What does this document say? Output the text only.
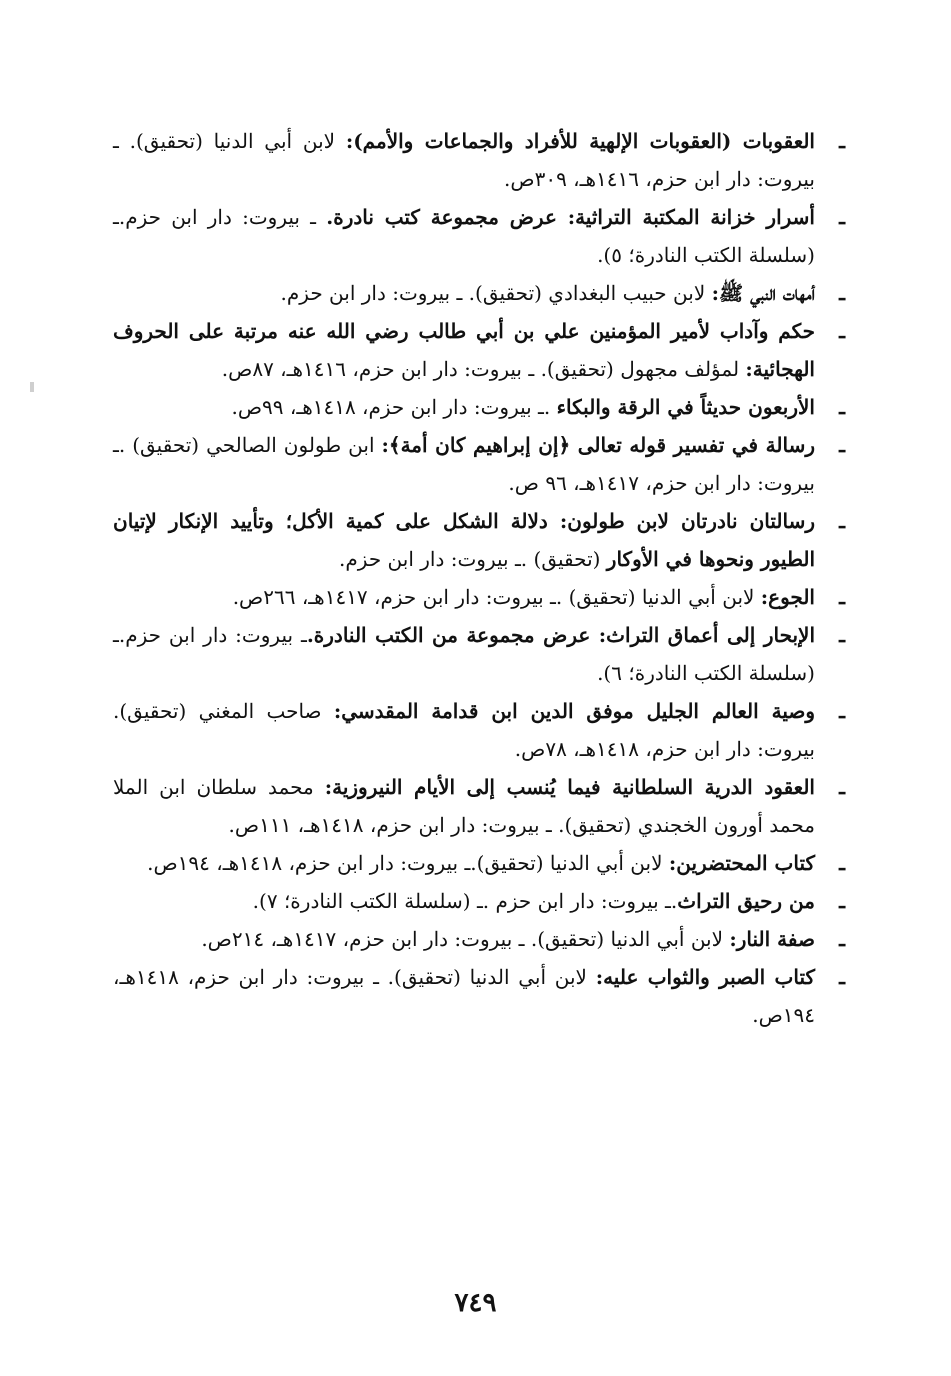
ـ
العقوبات (العقوبات الإلهية للأفراد والجماعات والأمم): لابن أبي الدنيا (تحقيق). ـ بيروت: دار ابن حزم، ١٤١٦هـ، ٣٠٩ص.
ـ
أسرار خزانة المكتبة التراثية: عرض مجموعة كتب نادرة. ـ بيروت: دار ابن حزم.ـ (سلسلة الكتب النادرة؛ ٥).
ـ
أمهات النبي ﷺ: لابن حبيب البغدادي (تحقيق). ـ بيروت: دار ابن حزم.
ـ
حكم وآداب لأمير المؤمنين علي بن أبي طالب رضي الله عنه مرتبة على الحروف الهجائية: لمؤلف مجهول (تحقيق). ـ بيروت: دار ابن حزم، ١٤١٦هـ، ٨٧ص.
ـ
الأربعون حديثاً في الرقة والبكاء .ـ بيروت: دار ابن حزم، ١٤١٨هـ، ٩٩ص.
ـ
رسالة في تفسير قوله تعالى ﴿إن إبراهيم كان أمة﴾: ابن طولون الصالحي (تحقيق) .ـ بيروت: دار ابن حزم، ١٤١٧هـ، ٩٦ ص.
ـ
رسالتان نادرتان لابن طولون: دلالة الشكل على كمية الأكل؛ وتأييد الإنكار لإتيان الطيور ونحوها في الأوكار (تحقيق) .ـ بيروت: دار ابن حزم.
ـ
الجوع: لابن أبي الدنيا (تحقيق) .ـ بيروت: دار ابن حزم، ١٤١٧هـ، ٢٦٦ص.
ـ
الإبحار إلى أعماق التراث: عرض مجموعة من الكتب النادرة.ـ بيروت: دار ابن حزم.ـ (سلسلة الكتب النادرة؛ ٦).
ـ
وصية العالم الجليل موفق الدين ابن قدامة المقدسي: صاحب المغني (تحقيق). بيروت: دار ابن حزم، ١٤١٨هـ، ٧٨ص.
ـ
العقود الدرية السلطانية فيما يُنسب إلى الأيام النيروزية: محمد سلطان ابن الملا محمد أورون الخجندي (تحقيق). ـ بيروت: دار ابن حزم، ١٤١٨هـ، ١١١ص.
ـ
كتاب المحتضرين: لابن أبي الدنيا (تحقيق).ـ بيروت: دار ابن حزم، ١٤١٨هـ، ١٩٤ص.
ـ
من رحيق التراث.ـ بيروت: دار ابن حزم .ـ (سلسلة الكتب النادرة؛ ٧).
ـ
صفة النار: لابن أبي الدنيا (تحقيق). ـ بيروت: دار ابن حزم، ١٤١٧هـ، ٢١٤ص.
ـ
كتاب الصبر والثواب عليه: لابن أبي الدنيا (تحقيق). ـ بيروت: دار ابن حزم، ١٤١٨هـ، ١٩٤ص.
٧٤٩
